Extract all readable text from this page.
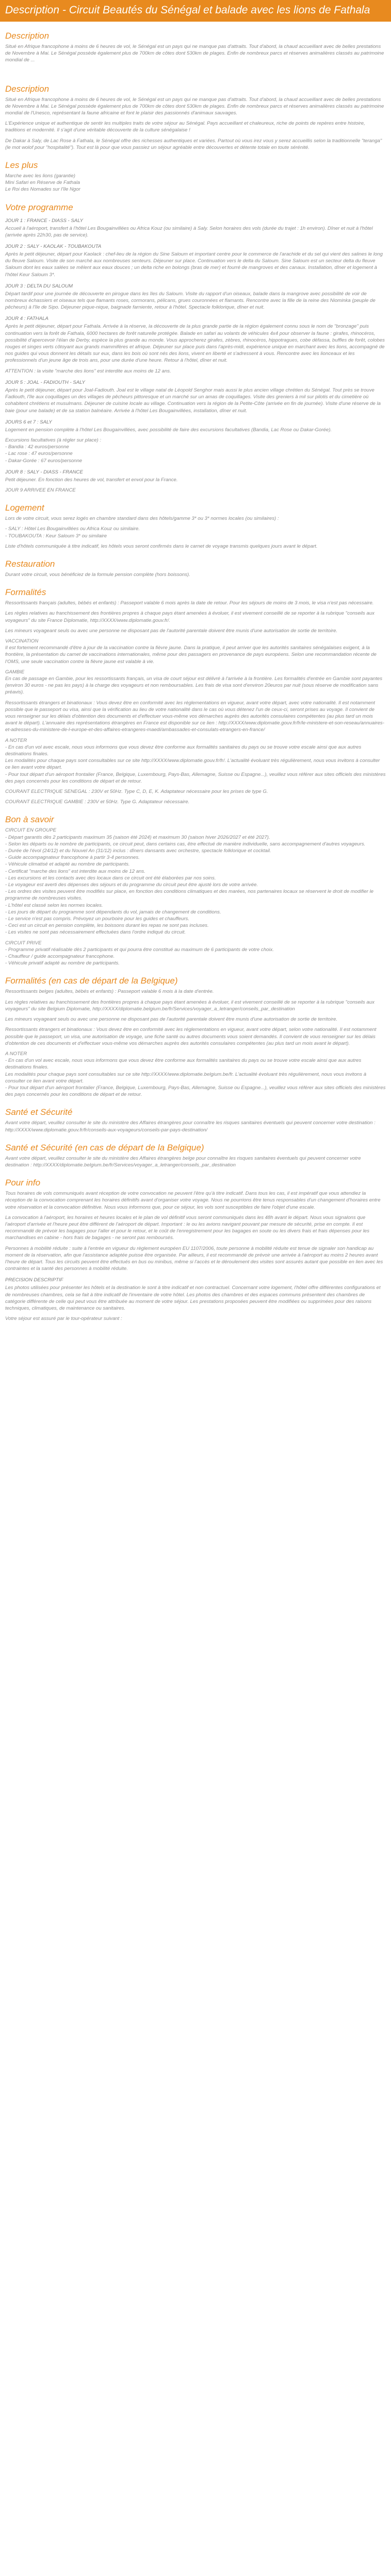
Description - Circuit Beautés du Sénégal et balade avec les lions de Fathala
Description

Situé en Afrique francophone à moins de 6 heures de vol, le Sénégal est un pays qui ne manque pas d'attraits. Tout d'abord, la chaud accueillant avec de belles prestations de Novembre à Mai. Le Sénégal possède également plus de 700km de côtes dont 530km de plages. Enfin de nombreux parcs et réserves animalières classés au patrimoine mondial de ...

Description

Situé en Afrique francophone à moins de 6 heures de vol, le Sénégal est un pays qui ne manque pas d'attraits. Tout d'abord, la chaud accueillant avec de belles prestations de Novembre à Mai. Le Sénégal possède également plus de 700km de côtes dont 530km de plages. Enfin de nombreux parcs et réserves animalières classés au patrimoine mondial de l'Unesco, représentant la faune africaine et font le plaisir des passionnés d'animaux sauvages.

L'Expérience unique et authentique de sentir les multiples traits de votre séjour au Sénégal. Pays accueillant et chaleureux, riche de points de repères entre histoire, traditions et modernité. Il s'agit d'une véritable découverte de la culture sénégalaise !

De Dakar à Saly, de Lac Rose à Fathala, le Sénégal offre des richesses authentiques et variées. Partout où vous irez vous y serez accueillis selon la traditionnelle "teranga" (le mot wolof pour "hospitalité"). Tout est là pour que vous passiez un séjour agréable entre découvertes et détente totale en toute sérénité.

Les plus
Marche avec les lions (garantie)
Mini Safari en Réserve de Fathala
Le Roi des Nomades sur l'île Ngor
Votre programme
JOUR 1 : FRANCE - DIASS - SALY

Accueil à l'aéroport, transfert à l'hôtel Les Bougainvillées ou Africa Kouz (ou similaire) à Saly. Selon horaires des vols (durée du trajet : 1h environ). Dîner et nuit à l'hôtel (arrivée après 22h30, pas de service).

JOUR 2 : SALY - KAOLAK - TOUBAKOUTA

Après le petit déjeuner, départ pour Kaolack : chef-lieu de la région du Sine Saloum et important centre pour le commerce de l'arachide et du sel qui vient des salines le long du fleuve Saloum. Visite de son marché aux nombreuses senteurs. Déjeuner sur place. Continuation vers le delta du Saloum. Sine Saloum est un secteur delta du fleuve Saloum dont les eaux salées se mêlent aux eaux douces ; un delta riche en bolongs (bras de mer) et fourré de mangroves et des canaux. Installation, dîner et logement à l'hôtel Keur Saloum 3*.

JOUR 3 : DELTA DU SALOUM

Départ tardif pour une journée de découverte en pirogue dans les îles du Saloum. Visite du rapport d'un oiseaux, balade dans la mangrove avec possibilité de voir de nombreux échassiers et oiseaux tels que flamants roses, cormorans, pélicans, grues couronnées et flamants. Rencontre avec la fille de la reine des Niominka (peuple de pêcheurs) à l'île de Sipo. Déjeuner pique-nique, baignade farniente, retour à l'hôtel. Spectacle folklorique, dîner et nuit.

JOUR 4 : FATHALA

Après le petit déjeuner, départ pour Fathala. Arrivée à la réserve, la découverte de la plus grande partie de la région également connu sous le nom de "bronzage" puis continuation vers la forêt de Fathala, 6000 hectares de forêt naturelle protégée. Balade en safari au volants de véhicules 4x4 pour observer la faune : girafes, rhinocéros, possibilité d'apercevoir l'élan de Derby, espèce la plus grande au monde. Vous approcherez girafes, zèbres, rhinocéros, hippotragues, cobe défassa, buffles de forêt, colobes rouges et singes verts côtoyant aux grands mammifères et afrique. Déjeuner sur place puis dans l'après-midi, expérience unique en marchant avec les lions, accompagné de nos guides qui vous donnent les détails sur eux, dans les bois où sont nés des lions, vivent en liberté et s'adressent à vous. Rencontre avec les lionceaux et les professionnels d'un jeune âge de trois ans, pour une durée d'une heure. Retour à l'hôtel, dîner et nuit.

ATTENTION : la visite "marche des lions" est interdite aux moins de 12 ans.

JOUR 5 : JOAL - FADIOUTH - SALY

Après le petit déjeuner, départ pour Joal-Fadiouth. Joal est le village natal de Léopold Senghor mais aussi le plus ancien village chrétien du Sénégal. Tout près se trouve Fadiouth, l'île aux coquillages un des villages de pêcheurs pittoresque et un marché sur un amas de coquillages. Visite des greniers à mil sur pilotis et du cimetière où cohabitent chrétiens et musulmans. Déjeuner de cuisine locale au village. Continuation vers la région de la Petite-Côte (arrivée en fin de journée). Visite d'une réserve de la baie (pour une balade) et de sa station balnéaire. Arrivée à l'hôtel Les Bougainvillées, installation, dîner et nuit.

JOURS 6 et 7 : SALY

Logement en pension complète à l'hôtel Les Bougainvillées, avec possibilité de faire des excursions facultatives (Bandia, Lac Rose ou Dakar-Gorée).

Excursions facultatives (à régler sur place) :
- Bandia : 42 euros/personne
- Lac rose : 47 euros/personne
- Dakar-Gorée : 67 euros/personne

JOUR 8 : SALY - DIASS - FRANCE

Petit déjeuner. En fonction des heures de vol, transfert et envol pour la France.

JOUR 9 ARRIVEE EN FRANCE

Logement

Lors de votre circuit, vous serez logés en chambre standard dans des hôtels/gamme 3* ou 3* normes locales (ou similaires) :

- SALY : Hôtel Les Bougainvillées ou Africa Kouz ou similaire.
- TOUBAKOUTA : Keur Saloum 3* ou similaire

Liste d'hôtels communiquée à titre indicatif, les hôtels vous seront confirmés dans le carnet de voyage transmis quelques jours avant le départ.

Restauration

Durant votre circuit, vous bénéficiez de la formule pension complète (hors boissons).

Formalités

Ressortissants français (adultes, bébés et enfants) : Passeport valable 6 mois après la date de retour. Pour les séjours de moins de 3 mois, le visa n'est pas nécessaire.

Les règles relatives au franchissement des frontières propres à chaque pays étant amenées à évoluer, il est vivement conseillé de se reporter à la rubrique "conseils aux voyageurs" du site France Diplomatie, http://XXXX/www.diplomatie.gouv.fr/.

Les mineurs voyageant seuls ou avec une personne ne disposant pas de l'autorité parentale doivent être munis d'une autorisation de sortie de territoire.

VACCINATION
Il est fortement recommandé d'être à jour de la vaccination contre la fièvre jaune. Dans la pratique, il peut arriver que les autorités sanitaires sénégalaises exigent, à la frontière, la présentation du carnet de vaccinations internationales, même pour des passagers en provenance de pays européens. Selon une recommandation récente de l'OMS, une seule vaccination contre la fièvre jaune est valable à vie.

GAMBIE
En cas de passage en Gambie, pour les ressortissants français, un visa de court séjour est délivré à l'arrivée à la frontière. Les formalités d'entrée en Gambie sont payantes (environ 30 euros - ne pas les pays) à la charge des voyageurs et non remboursables. Les frais de visa sont d'environ 20euros par nuit (sous réserve de modification sans préavis).

Ressortissants étrangers et binationaux : Vous devez être en conformité avec les réglementations en vigueur, avant votre départ, avec votre nationalité. Il est notamment possible que le passeport ou visa, ainsi que la vérification au lieu de votre nationalité dans le cas où vous détenez l'un de ceux-ci, seront prises au voyage. Il convient de vous renseigner sur les délais d'obtention des documents et d'effectuer vous-même vos démarches auprès des autorités consulaires compétentes (au plus tard un mois avant le départ). L'annuaire des représentations étrangères en France est disponible sur ce lien : http://XXXX/www.diplomatie.gouv.fr/fr/le-ministere-et-son-reseau/annuaires-et-adresses-du-ministere-de-l-europe-et-des-affaires-etrangeres-maedi/ambassades-et-consulats-etrangers-en-france/

A NOTER
- En cas d'un vol avec escale, nous vous informons que vous devez être conforme aux formalités sanitaires du pays ou se trouve votre escale ainsi que aux autres destinations finales.
Les modalités pour chaque pays sont consultables sur ce site http://XXXX/www.diplomatie.gouv.fr/fr/. L'actualité évoluant très régulièrement, nous vous invitons à consulter ce lien avant votre départ.
- Pour tout départ d'un aéroport frontalier (France, Belgique, Luxembourg, Pays-Bas, Allemagne, Suisse ou Espagne...), veuillez vous référer aux sites officiels des ministères des pays concernés pour les conditions de départ et de retour.

COURANT ELECTRIQUE SENEGAL : 230V et 50Hz. Type C, D, E, K. Adaptateur nécessaire pour les prises de type G.

COURANT ELECTRIQUE GAMBIE : 230V et 50Hz. Type G. Adaptateur nécessaire.

Bon à savoir

CIRCUIT EN GROUPE
- Départ garantis dès 2 participants maximum 35 (saison été 2024) et maximum 30 (saison hiver 2026/2027 et été 2027).
- Selon les départs ou le nombre de participants, ce circuit peut, dans certains cas, être effectué de manière individuelle, sans accompagnement d'autres voyageurs.
- Durée de l'évol (24/12) et du Nouvel An (31/12) inclus : dîners dansants avec orchestre, spectacle folklorique et cocktail.
- Guide accompagnateur francophone à partir 3-4 personnes.
- Véhicule climatisé et adapté au nombre de participants.
- Certificat "marche des lions" est interdite aux moins de 12 ans.
- Les excursions et les contacts avec des locaux dans ce circuit ont été élaborées par nos soins.
- Le voyageur est averti des dépenses des séjours et du programme du circuit peut être ajusté lors de votre arrivée.
- Les ordres des visites peuvent être modifiés sur place, en fonction des conditions climatiques et des marées, nos partenaires locaux se réservent le droit de modifier le programme de nombreuses visites.
- L'hôtel est classé selon les normes locales.
- Les jours de départ du programme sont dépendants du vol, jamais de changement de conditions.
- Le service n'est pas compris. Prévoyez un pourboire pour les guides et chauffeurs.
- Ceci est un circuit en pension complète, les boissons durant les repas ne sont pas incluses.
- Les visites ne sont pas nécessairement effectuées dans l'ordre indiqué du circuit.

CIRCUIT PRIVE
- Programme privatif réalisable dès 2 participants et qui pourra être constitué au maximum de 6 participants de votre choix.
- Chauffeur / guide accompagnateur francophone.
- Véhicule privatif adapté au nombre de participants.

Formalités (en cas de départ de la Belgique)

Ressortissants belges (adultes, bébés et enfants) : Passeport valable 6 mois à la date d'entrée.

Les règles relatives au franchissement des frontières propres à chaque pays étant amenées à évoluer, il est vivement conseillé de se reporter à la rubrique "conseils aux voyageurs" du site Belgium Diplomatie, http://XXXX/diplomatie.belgium.be/fr/Services/voyager_a_letranger/conseils_par_destination

Les mineurs voyageant seuls ou avec une personne ne disposant pas de l'autorité parentale doivent être munis d'une autorisation de sortie de territoire.

Ressortissants étrangers et binationaux : Vous devez être en conformité avec les réglementations en vigueur, avant votre départ, selon votre nationalité. Il est notamment possible que le passeport, un visa, une autorisation de voyage, une fiche santé ou autres documents vous soient demandés. Il convient de vous renseigner sur les délais d'obtention de ces documents et d'effectuer vous-même vos démarches auprès des autorités consulaires compétentes (au plus tard un mois avant le départ).

A NOTER
- En cas d'un vol avec escale, nous vous informons que vous devez être conforme aux formalités sanitaires du pays ou se trouve votre escale ainsi que aux autres destinations finales.
Les modalités pour chaque pays sont consultables sur ce site http://XXXX/www.diplomatie.belgium.be/fr. L'actualité évoluant très régulièrement, nous vous invitons à consulter ce lien avant votre départ.
- Pour tout départ d'un aéroport frontalier (France, Belgique, Luxembourg, Pays-Bas, Allemagne, Suisse ou Espagne...), veuillez vous référer aux sites officiels des ministères des pays concernés pour les conditions de départ et de retour.

Santé et Sécurité

Avant votre départ, veuillez consulter le site du ministère des Affaires étrangères pour connaître les risques sanitaires éventuels qui peuvent concerner votre destination : http://XXXX/www.diplomatie.gouv.fr/fr/conseils-aux-voyageurs/conseils-par-pays-destination/

Santé et Sécurité (en cas de départ de la Belgique)

Avant votre départ, veuillez consulter le site du ministère des Affaires étrangères belge pour connaître les risques sanitaires éventuels qui peuvent concerner votre destination : http://XXXX/diplomatie.belgium.be/fr/Services/voyager_a_letranger/conseils_par_destination

Pour info

Tous horaires de vols communiqués avant réception de votre convocation ne peuvent l'être qu'à titre indicatif. Dans tous les cas, il est impératif que vous attendiez la réception de la convocation comprenant les horaires définitifs avant d'organiser votre voyage. Nous ne pourrions être tenus responsables d'un changement d'horaires entre votre réservation et la convocation définitive. Nous vous informons que, pour ce séjour, les vols sont susceptibles de faire l'objet d'une escale.

La convocation à l'aéroport, les horaires et heures locales et le plan de vol définitif vous seront communiqués dans les 48h avant le départ. Nous vous signalons que l'aéroport d'arrivée et l'heure peut être différent de l'aéroport de départ. Important : le ou les avions navigant pouvant par mesure de sécurité, prise en compte. Il est recommandé de prévoir les bagages pour l'aller et pour le retour, et le coût de l'enregistrement pour les bagages en soute ou les divers frais et frais dépenses pour les marchandises en cabine - hors frais de bagages - ne seront pas remboursés.

Personnes à mobilité réduite : suite à l'entrée en vigueur du règlement européen EU 1107/2006, toute personne à mobilité réduite est tenue de signaler son handicap au moment de la réservation, afin que l'assistance adaptée puisse être organisée. Par ailleurs, il est recommandé de prévoir une arrivée à l'aéroport au moins 2 heures avant l'heure de départ. Tous les circuits peuvent être effectués en bus ou minibus, même si l'accès et le déroulement des visites sont assurés autant que possible en lien avec les contraintes et la santé des personnes à mobilité réduite.

PRECISION DESCRIPTIF

Les photos utilisées pour présenter les hôtels et la destination le sont à titre indicatif et non contractuel. Concernant votre logement, l'hôtel offre différentes configurations et de nombreuses chambres, cela se fait à titre indicatif de l'inventaire de votre hôtel. Les photos des chambres et des espaces communs présentent des chambres de catégorie différente de celle qui peut vous être attribuée au moment de votre séjour. Les prestations proposées peuvent être modifiées ou supprimées pour des raisons techniques, climatiques, de maintenance ou sanitaires.

Votre séjour est assuré par le tour-opérateur suivant :
